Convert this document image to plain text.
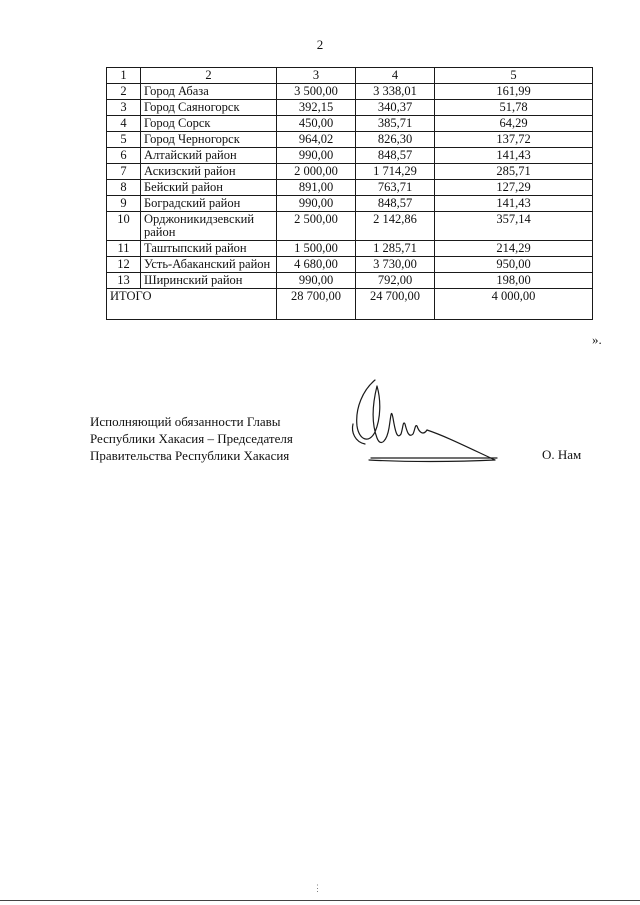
2
1	2	3	4	5
2	Город Абаза	3 500,00	3 338,01	161,99
3	Город Саяногорск	392,15	340,37	51,78
4	Город Сорск	450,00	385,71	64,29
5	Город Черногорск	964,02	826,30	137,72
6	Алтайский район	990,00	848,57	141,43
7	Аскизский район	2 000,00	1 714,29	285,71
8	Бейский район	891,00	763,71	127,29
9	Боградский район	990,00	848,57	141,43
10	Орджоникидзевский район	2 500,00	2 142,86	357,14
11	Таштыпский район	1 500,00	1 285,71	214,29
12	Усть-Абаканский район	4 680,00	3 730,00	950,00
13	Ширинский район	990,00	792,00	198,00
ИТОГО		28 700,00	24 700,00	4 000,00
».
Исполняющий обязанности Главы
Республики Хакасия – Председателя
Правительства Республики Хакасия	О. Нам
⋮
